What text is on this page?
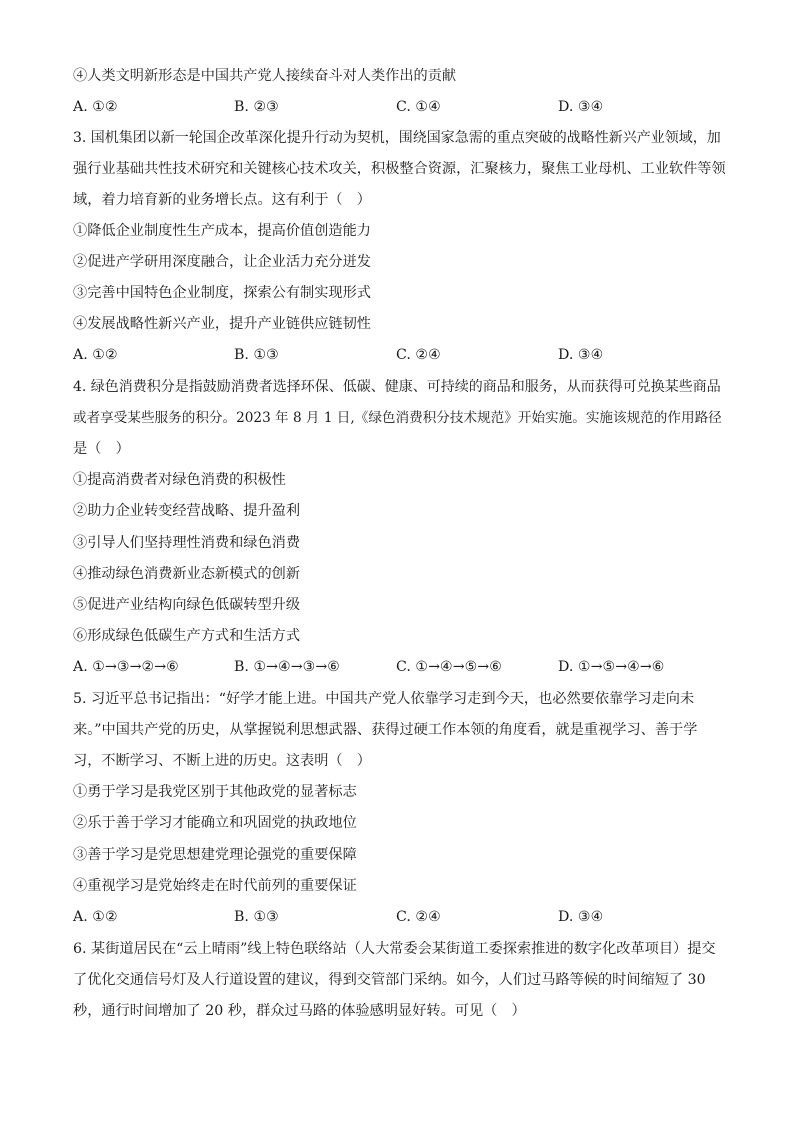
④人类文明新形态是中国共产党人接续奋斗对人类作出的贡献
A. ①②	B. ②③	C. ①④	D. ③④
3. 国机集团以新一轮国企改革深化提升行动为契机，围绕国家急需的重点突破的战略性新兴产业领域，加
强行业基础共性技术研究和关键核心技术攻关，积极整合资源，汇聚核力，聚焦工业母机、工业软件等领
域，着力培育新的业务增长点。这有利于（　）
①降低企业制度性生产成本，提高价值创造能力
②促进产学研用深度融合，让企业活力充分迸发
③完善中国特色企业制度，探索公有制实现形式
④发展战略性新兴产业，提升产业链供应链韧性
A. ①②	B. ①③	C. ②④	D. ③④
4. 绿色消费积分是指鼓励消费者选择环保、低碳、健康、可持续的商品和服务，从而获得可兑换某些商品
或者享受某些服务的积分。2023 年 8 月 1 日,《绿色消费积分技术规范》开始实施。实施该规范的作用路径
是（　）
①提高消费者对绿色消费的积极性
②助力企业转变经营战略、提升盈利
③引导人们坚持理性消费和绿色消费
④推动绿色消费新业态新模式的创新
⑤促进产业结构向绿色低碳转型升级
⑥形成绿色低碳生产方式和生活方式
A. ①→③→②→⑥	B. ①→④→③→⑥	C. ①→④→⑤→⑥	D. ①→⑤→④→⑥
5. 习近平总书记指出：“好学才能上进。中国共产党人依靠学习走到今天，也必然要依靠学习走向未
来。”中国共产党的历史，从掌握锐利思想武器、获得过硬工作本领的角度看，就是重视学习、善于学
习，不断学习、不断上进的历史。这表明（　）
①勇于学习是我党区别于其他政党的显著标志
②乐于善于学习才能确立和巩固党的执政地位
③善于学习是党思想建党理论强党的重要保障
④重视学习是党始终走在时代前列的重要保证
A. ①②	B. ①③	C. ②④	D. ③④
6. 某街道居民在“云上晴雨”线上特色联络站（人大常委会某街道工委探索推进的数字化改革项目）提交
了优化交通信号灯及人行道设置的建议，得到交管部门采纳。如今，人们过马路等候的时间缩短了 30
秒，通行时间增加了 20 秒，群众过马路的体验感明显好转。可见（　）
